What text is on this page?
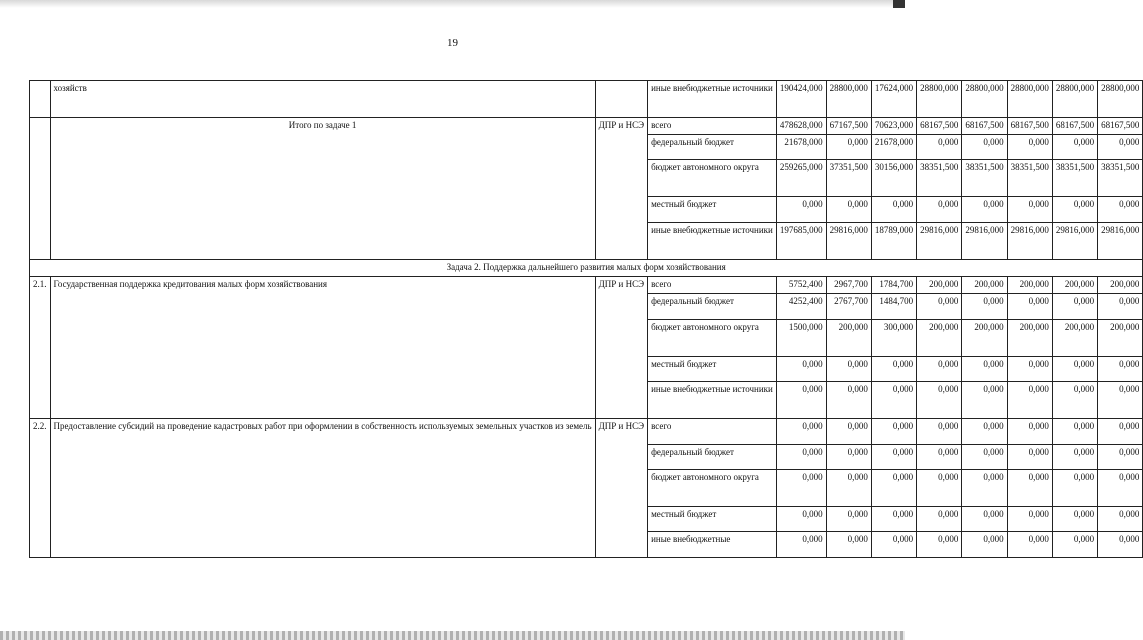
19
	хозяйств		иные внебюджетные источники	190424,000	28800,000	17624,000	28800,000	28800,000	28800,000	28800,000	28800,000
	Итого по задаче 1	ДПР и НСЭ	всего	478628,000	67167,500	70623,000	68167,500	68167,500	68167,500	68167,500	68167,500
			федеральный бюджет	21678,000	0,000	21678,000	0,000	0,000	0,000	0,000	0,000
			бюджет автономного округа	259265,000	37351,500	30156,000	38351,500	38351,500	38351,500	38351,500	38351,500
			местный бюджет	0,000	0,000	0,000	0,000	0,000	0,000	0,000	0,000
			иные внебюджетные источники	197685,000	29816,000	18789,000	29816,000	29816,000	29816,000	29816,000	29816,000
Задача 2. Поддержка дальнейшего развития малых форм хозяйствования											
2.1.	Государственная поддержка кредитования малых форм хозяйствования	ДПР и НСЭ	всего	5752,400	2967,700	1784,700	200,000	200,000	200,000	200,000	200,000
			федеральный бюджет	4252,400	2767,700	1484,700	0,000	0,000	0,000	0,000	0,000
			бюджет автономного округа	1500,000	200,000	300,000	200,000	200,000	200,000	200,000	200,000
			местный бюджет	0,000	0,000	0,000	0,000	0,000	0,000	0,000	0,000
			иные внебюджетные источники	0,000	0,000	0,000	0,000	0,000	0,000	0,000	0,000
2.2.	Предоставление субсидий на проведение кадастровых работ при оформлении в собственность используемых земельных участков из земель	ДПР и НСЭ	всего	0,000	0,000	0,000	0,000	0,000	0,000	0,000	0,000
			федеральный бюджет	0,000	0,000	0,000	0,000	0,000	0,000	0,000	0,000
			бюджет автономного округа	0,000	0,000	0,000	0,000	0,000	0,000	0,000	0,000
			местный бюджет	0,000	0,000	0,000	0,000	0,000	0,000	0,000	0,000
			иные внебюджетные	0,000	0,000	0,000	0,000	0,000	0,000	0,000	0,000
